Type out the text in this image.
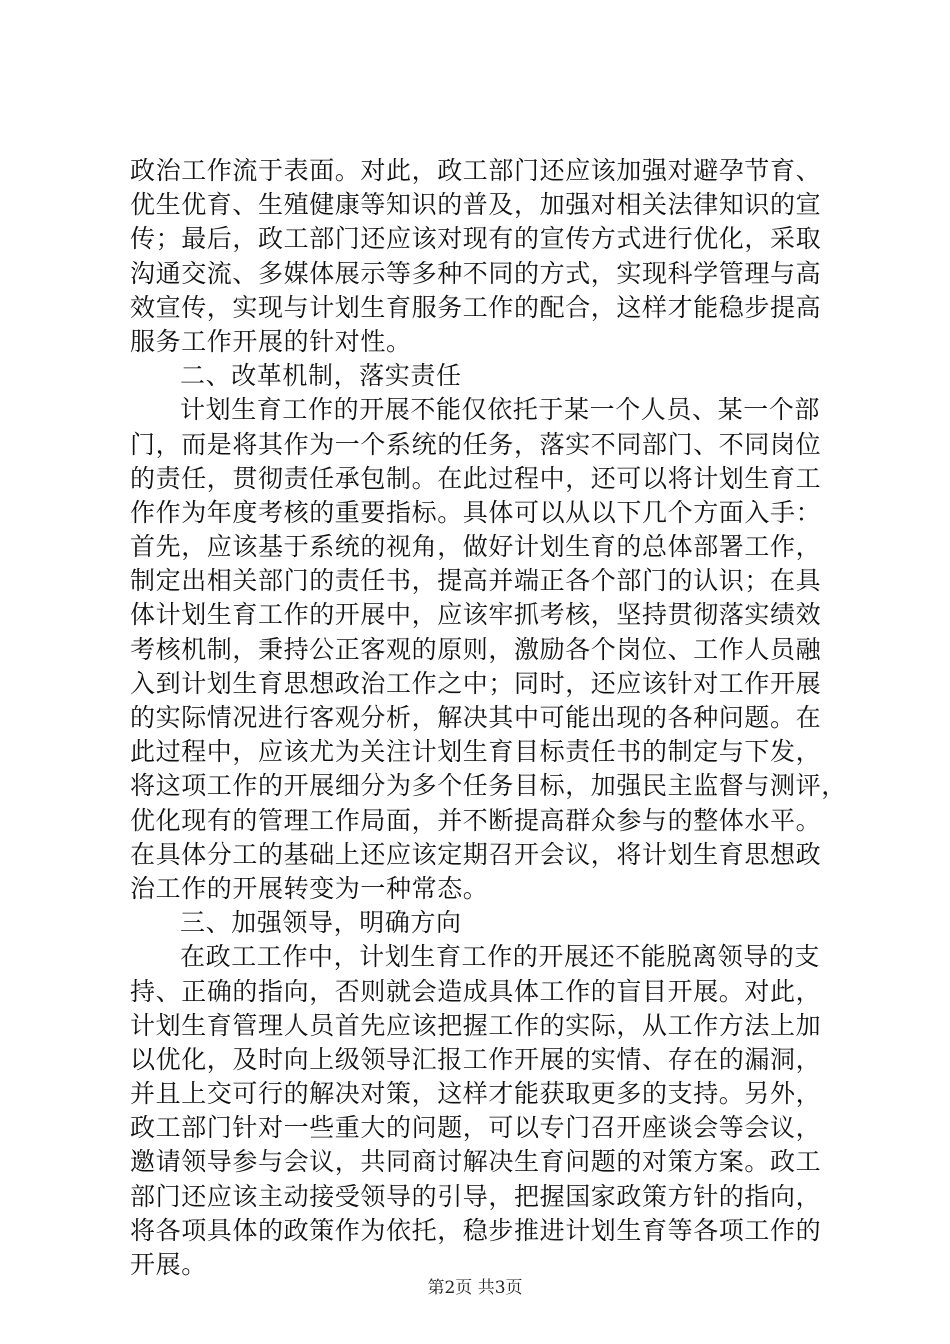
政治工作流于表面。对此，政工部门还应该加强对避孕节育、
优生优育、生殖健康等知识的普及，加强对相关法律知识的宣
传；最后，政工部门还应该对现有的宣传方式进行优化，采取
沟通交流、多媒体展示等多种不同的方式，实现科学管理与高
效宣传，实现与计划生育服务工作的配合，这样才能稳步提高
服务工作开展的针对性。
二、改革机制，落实责任
计划生育工作的开展不能仅依托于某一个人员、某一个部
门，而是将其作为一个系统的任务，落实不同部门、不同岗位
的责任，贯彻责任承包制。在此过程中，还可以将计划生育工
作作为年度考核的重要指标。具体可以从以下几个方面入手：
首先，应该基于系统的视角，做好计划生育的总体部署工作，
制定出相关部门的责任书，提高并端正各个部门的认识；在具
体计划生育工作的开展中，应该牢抓考核，坚持贯彻落实绩效
考核机制，秉持公正客观的原则，激励各个岗位、工作人员融
入到计划生育思想政治工作之中；同时，还应该针对工作开展
的实际情况进行客观分析，解决其中可能出现的各种问题。在
此过程中，应该尤为关注计划生育目标责任书的制定与下发，
将这项工作的开展细分为多个任务目标，加强民主监督与测评，
优化现有的管理工作局面，并不断提高群众参与的整体水平。
在具体分工的基础上还应该定期召开会议，将计划生育思想政
治工作的开展转变为一种常态。
三、加强领导，明确方向
在政工工作中，计划生育工作的开展还不能脱离领导的支
持、正确的指向，否则就会造成具体工作的盲目开展。对此，
计划生育管理人员首先应该把握工作的实际，从工作方法上加
以优化，及时向上级领导汇报工作开展的实情、存在的漏洞，
并且上交可行的解决对策，这样才能获取更多的支持。另外，
政工部门针对一些重大的问题，可以专门召开座谈会等会议，
邀请领导参与会议，共同商讨解决生育问题的对策方案。政工
部门还应该主动接受领导的引导，把握国家政策方针的指向，
将各项具体的政策作为依托，稳步推进计划生育等各项工作的
开展。
第2页 共3页
